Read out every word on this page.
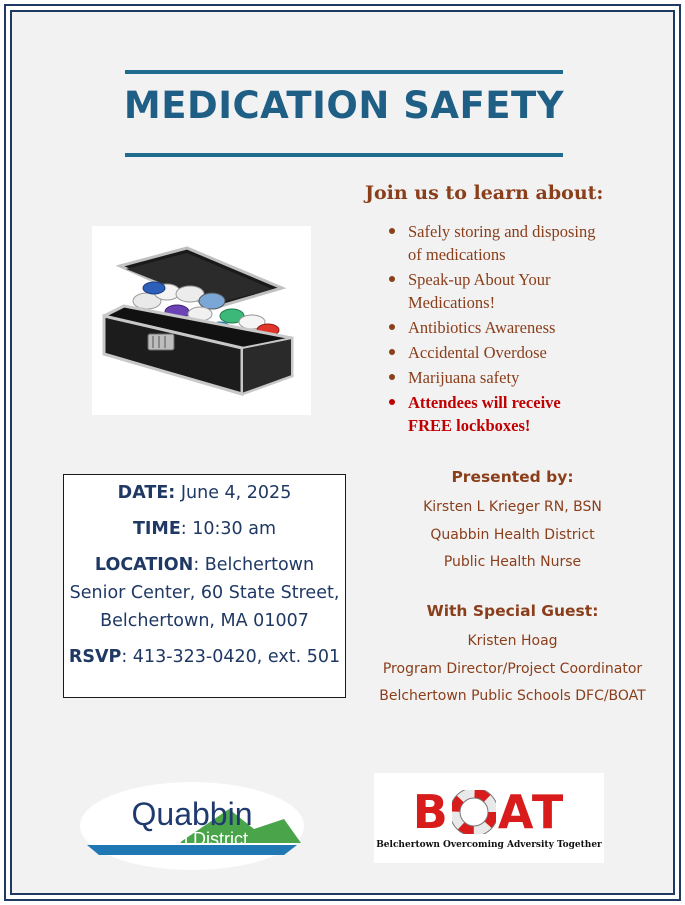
MEDICATION SAFETY
Join us to learn about:
Safely storing and disposing
of medications
Speak-up About Your
Medications!
Antibiotics Awareness
Accidental Overdose
Marijuana safety
Attendees will receive
FREE lockboxes!

DATE: June 4, 2025

TIME: 10:30 am

LOCATION: Belchertown

Senior Center, 60 State Street,

Belchertown, MA 01007

RSVP: 413-323-0420, ext. 501

Presented by:
Kirsten L Krieger RN, BSN
Quabbin Health District
Public Health Nurse
With Special Guest:
Kristen Hoag
Program Director/Project Coordinator
Belchertown Public Schools DFC/BOAT
Quabbin
Health District	B AT
Belchertown Overcoming Adversity Together
